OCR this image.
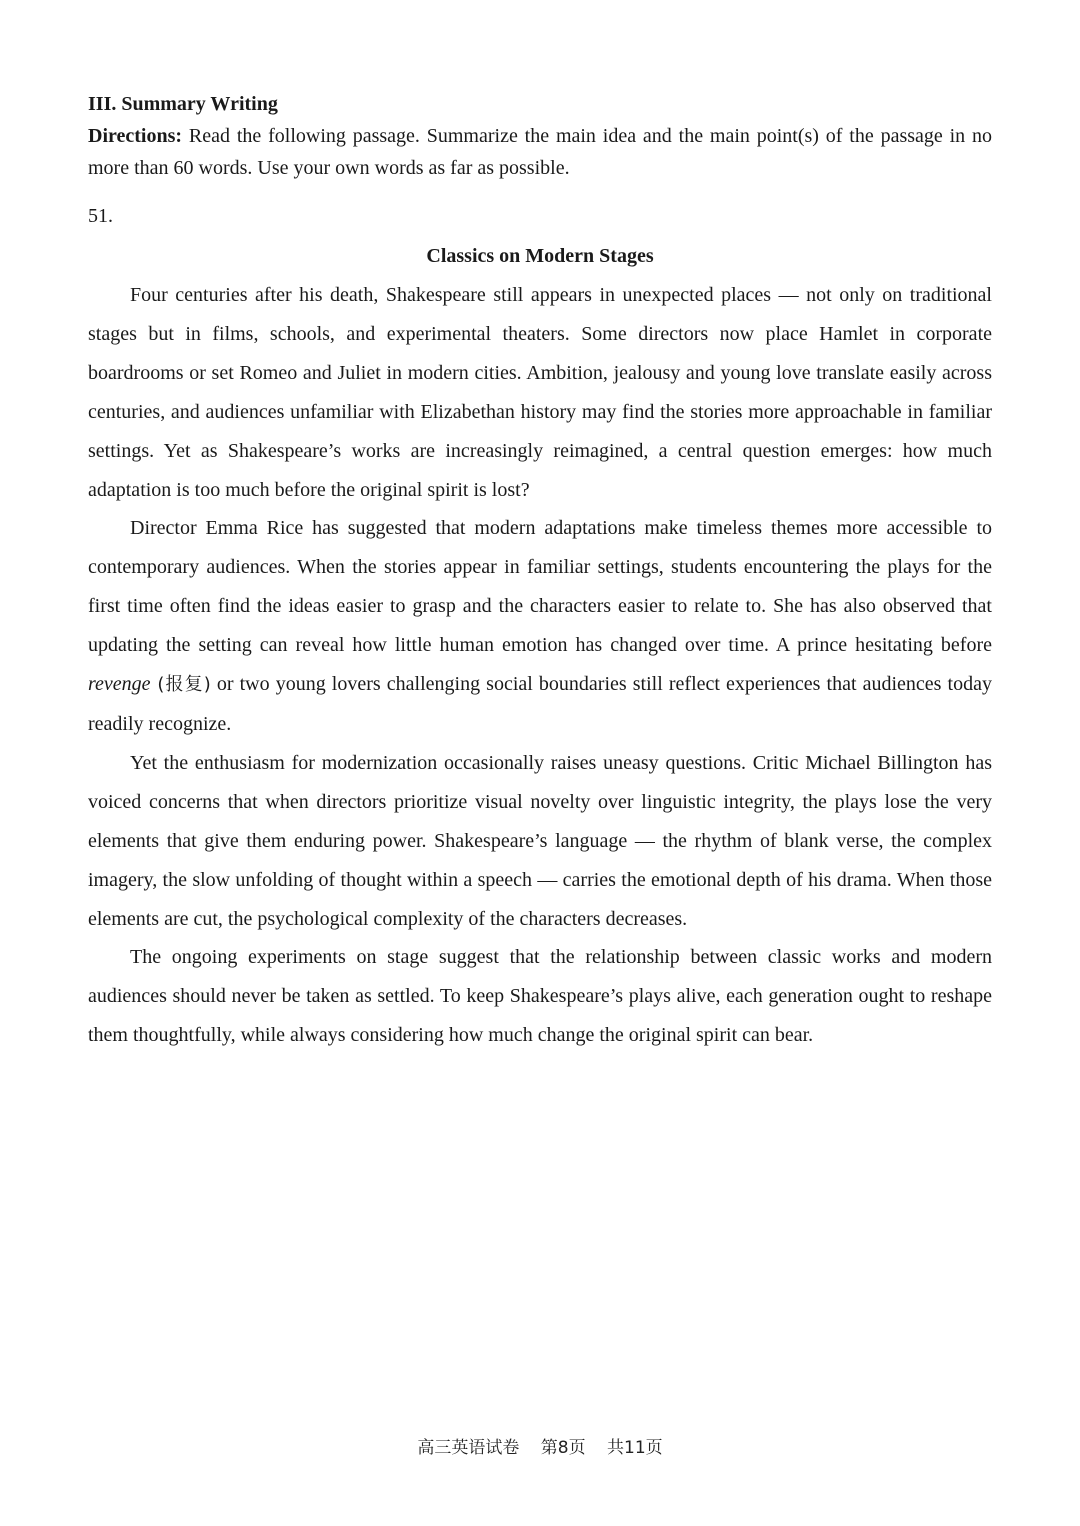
III. Summary Writing

Directions: Read the following passage. Summarize the main idea and the main point(s) of the passage in no more than 60 words. Use your own words as far as possible.

51.

Classics on Modern Stages

Four centuries after his death, Shakespeare still appears in unexpected places — not only on traditional stages but in films, schools, and experimental theaters. Some directors now place Hamlet in corporate boardrooms or set Romeo and Juliet in modern cities. Ambition, jealousy and young love translate easily across centuries, and audiences unfamiliar with Elizabethan history may find the stories more approachable in familiar settings. Yet as Shakespeare’s works are increasingly reimagined, a central question emerges: how much adaptation is too much before the original spirit is lost?

Director Emma Rice has suggested that modern adaptations make timeless themes more accessible to contemporary audiences. When the stories appear in familiar settings, students encountering the plays for the first time often find the ideas easier to grasp and the characters easier to relate to. She has also observed that updating the setting can reveal how little human emotion has changed over time. A prince hesitating before revenge (报复) or two young lovers challenging social boundaries still reflect experiences that audiences today readily recognize.

Yet the enthusiasm for modernization occasionally raises uneasy questions. Critic Michael Billington has voiced concerns that when directors prioritize visual novelty over linguistic integrity, the plays lose the very elements that give them enduring power. Shakespeare’s language — the rhythm of blank verse, the complex imagery, the slow unfolding of thought within a speech — carries the emotional depth of his drama. When those elements are cut, the psychological complexity of the characters decreases.

The ongoing experiments on stage suggest that the relationship between classic works and modern audiences should never be taken as settled. To keep Shakespeare’s plays alive, each generation ought to reshape them thoughtfully, while always considering how much change the original spirit can bear.

高三英语试卷 第8页 共11页
